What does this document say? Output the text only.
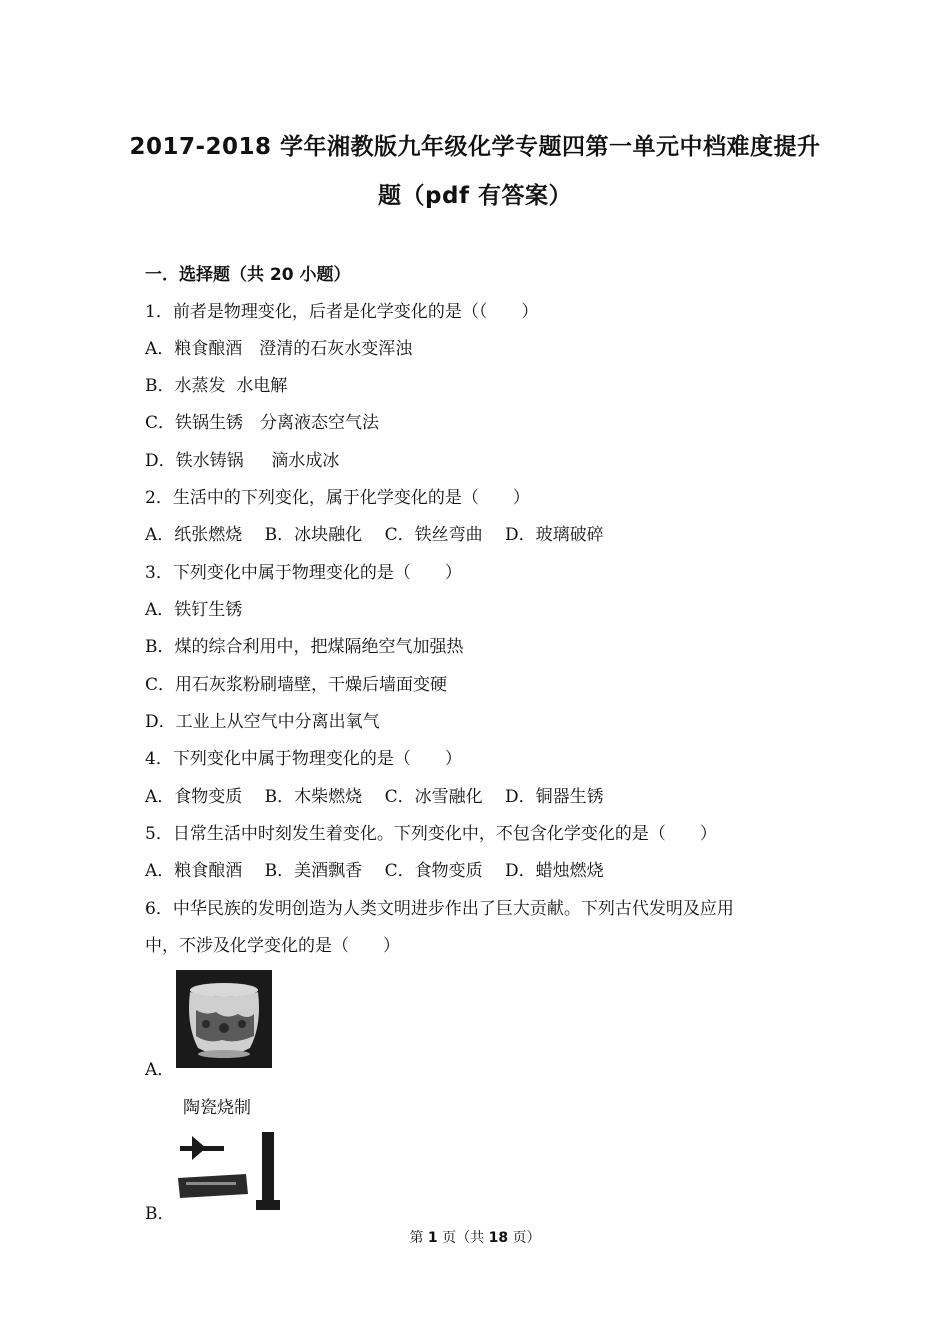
2017-2018 学年湘教版九年级化学专题四第一单元中档难度提升
题（pdf 有答案）
一．选择题（共 20 小题）
1．前者是物理变化，后者是化学变化的是（（　　）
A．粮食酿酒　澄清的石灰水变浑浊
B．水蒸发  水电解
C．铁锅生锈　分离液态空气法
D．铁水铸锅　  滴水成冰
2．生活中的下列变化，属于化学变化的是（　　）
A．纸张燃烧　 B．冰块融化　 C．铁丝弯曲　 D．玻璃破碎
3．下列变化中属于物理变化的是（　　）
A．铁钉生锈
B．煤的综合利用中，把煤隔绝空气加强热
C．用石灰浆粉刷墙壁，干燥后墙面变硬
D．工业上从空气中分离出氧气
4．下列变化中属于物理变化的是（　　）
A．食物变质　 B．木柴燃烧　 C．冰雪融化　 D．铜器生锈
5．日常生活中时刻发生着变化。下列变化中，不包含化学变化的是（　　）
A．粮食酿酒　 B．美酒飘香　 C．食物变质　 D．蜡烛燃烧
6．中华民族的发明创造为人类文明进步作出了巨大贡献。下列古代发明及应用
中，不涉及化学变化的是（　　）
A．
陶瓷烧制
B．
第 1 页（共 18 页）
